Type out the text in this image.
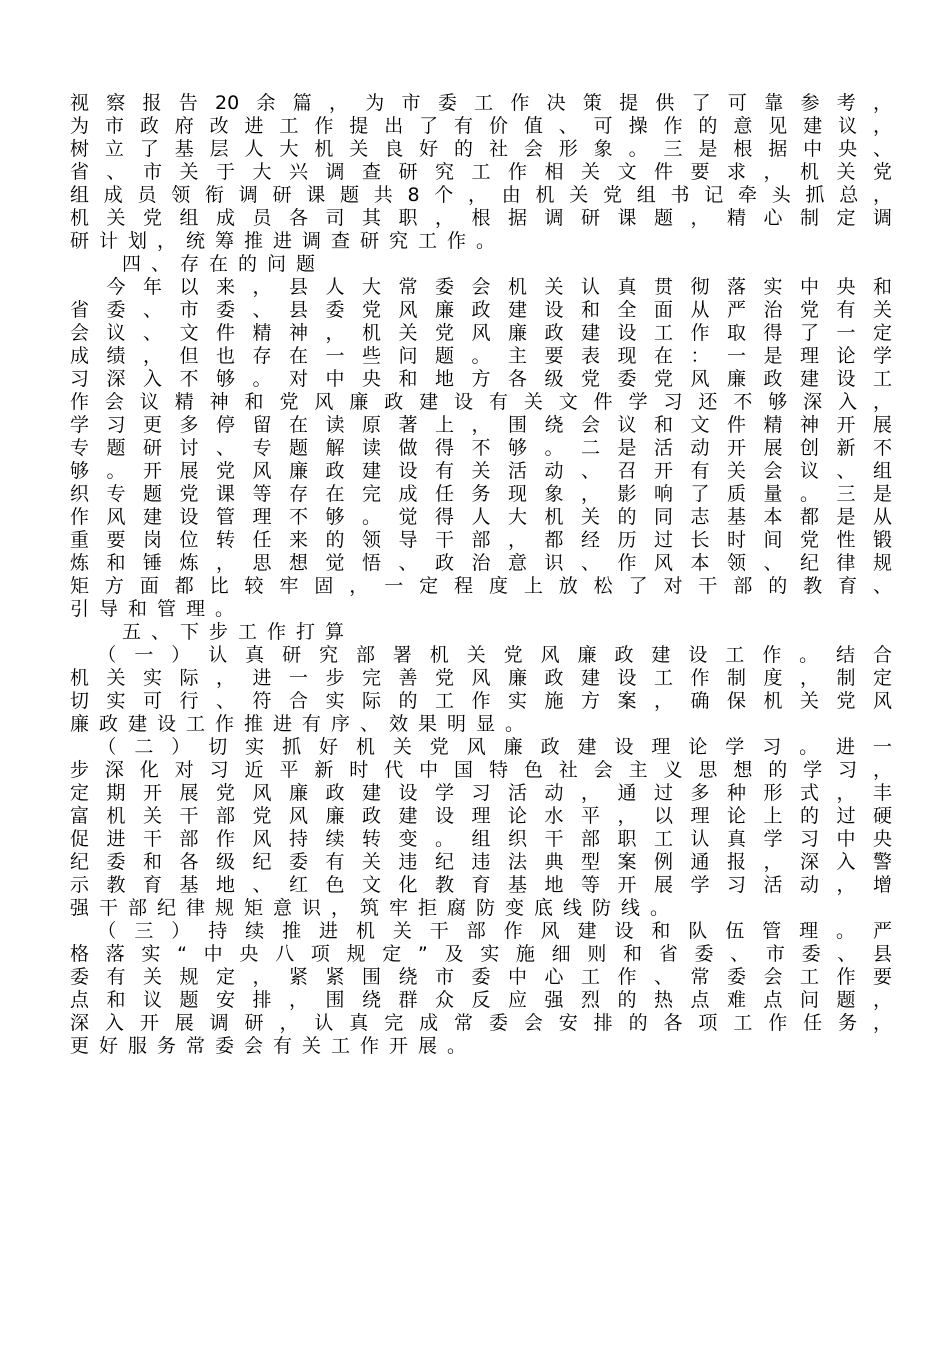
视察报告20余篇，为市委工作决策提供了可靠参考，
为市政府改进工作提出了有价值、可操作的意见建议，
树立了基层人大机关良好的社会形象。三是根据中央、
省、市关于大兴调查研究工作相关文件要求，机关党
组成员领衔调研课题共8个，由机关党组书记牵头抓总，
机关党组成员各司其职，根据调研课题，精心制定调
研计划，统筹推进调查研究工作。
四、存在的问题
　今年以来，县人大常委会机关认真贯彻落实中央和
省委、市委、县委党风廉政建设和全面从严治党有关
会议、文件精神，机关党风廉政建设工作取得了一定
成绩，但也存在一些问题。主要表现在：一是理论学
习深入不够。对中央和地方各级党委党风廉政建设工
作会议精神和党风廉政建设有关文件学习还不够深入，
学习更多停留在读原著上，围绕会议和文件精神开展
专题研讨、专题解读做得不够。二是活动开展创新不
够。开展党风廉政建设有关活动、召开有关会议、组
织专题党课等存在完成任务现象，影响了质量。三是
作风建设管理不够。觉得人大机关的同志基本都是从
重要岗位转任来的领导干部，都经历过长时间党性锻
炼和锤炼，思想觉悟、政治意识、作风本领、纪律规
矩方面都比较牢固，一定程度上放松了对干部的教育、
引导和管理。
五、下步工作打算
　（一）认真研究部署机关党风廉政建设工作。结合
机关实际，进一步完善党风廉政建设工作制度，制定
切实可行、符合实际的工作实施方案，确保机关党风
廉政建设工作推进有序、效果明显。
　（二）切实抓好机关党风廉政建设理论学习。进一
步深化对习近平新时代中国特色社会主义思想的学习，
定期开展党风廉政建设学习活动，通过多种形式，丰
富机关干部党风廉政建设理论水平，以理论上的过硬
促进干部作风持续转变。组织干部职工认真学习中央
纪委和各级纪委有关违纪违法典型案例通报，深入警
示教育基地、红色文化教育基地等开展学习活动，增
强干部纪律规矩意识，筑牢拒腐防变底线防线。
　（三）持续推进机关干部作风建设和队伍管理。严
格落实“中央八项规定”及实施细则和省委、市委、县
委有关规定，紧紧围绕市委中心工作、常委会工作要
点和议题安排，围绕群众反应强烈的热点难点问题，
深入开展调研，认真完成常委会安排的各项工作任务，
更好服务常委会有关工作开展。
